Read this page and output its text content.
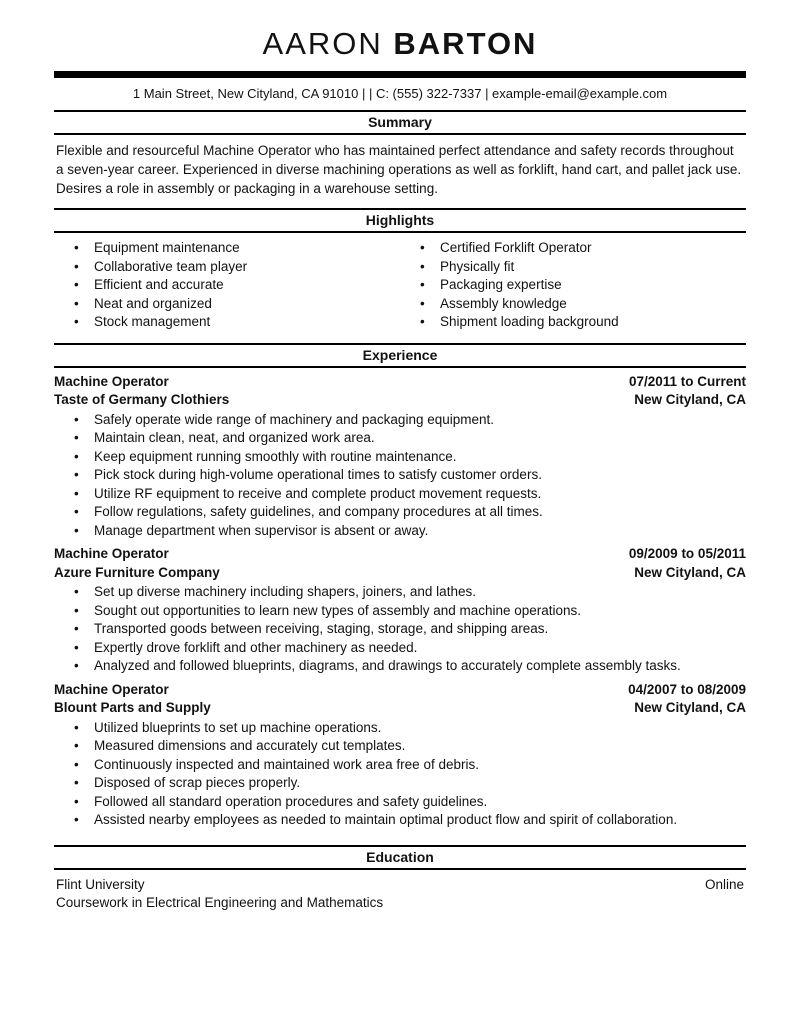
AARON BARTON
1 Main Street, New Cityland, CA 91010 | | C: (555) 322-7337 | example-email@example.com
Summary

Flexible and resourceful Machine Operator who has maintained perfect attendance and safety records throughout a seven-year career. Experienced in diverse machining operations as well as forklift, hand cart, and pallet jack use. Desires a role in assembly or packaging in a warehouse setting.

Highlights
• Equipment maintenance
• Collaborative team player
• Efficient and accurate
• Neat and organized
• Stock management
• Certified Forklift Operator
• Physically fit
• Packaging expertise
• Assembly knowledge
• Shipment loading background
Experience
Machine Operator	07/2011 to Current
Taste of Germany Clothiers	New Cityland, CA
• Safely operate wide range of machinery and packaging equipment.
• Maintain clean, neat, and organized work area.
• Keep equipment running smoothly with routine maintenance.
• Pick stock during high-volume operational times to satisfy customer orders.
• Utilize RF equipment to receive and complete product movement requests.
• Follow regulations, safety guidelines, and company procedures at all times.
• Manage department when supervisor is absent or away.
Machine Operator	09/2009 to 05/2011
Azure Furniture Company	New Cityland, CA
• Set up diverse machinery including shapers, joiners, and lathes.
• Sought out opportunities to learn new types of assembly and machine operations.
• Transported goods between receiving, staging, storage, and shipping areas.
• Expertly drove forklift and other machinery as needed.
• Analyzed and followed blueprints, diagrams, and drawings to accurately complete assembly tasks.
Machine Operator	04/2007 to 08/2009
Blount Parts and Supply	New Cityland, CA
• Utilized blueprints to set up machine operations.
• Measured dimensions and accurately cut templates.
• Continuously inspected and maintained work area free of debris.
• Disposed of scrap pieces properly.
• Followed all standard operation procedures and safety guidelines.
• Assisted nearby employees as needed to maintain optimal product flow and spirit of collaboration.
Education
Flint University	Online
Coursework in Electrical Engineering and Mathematics
